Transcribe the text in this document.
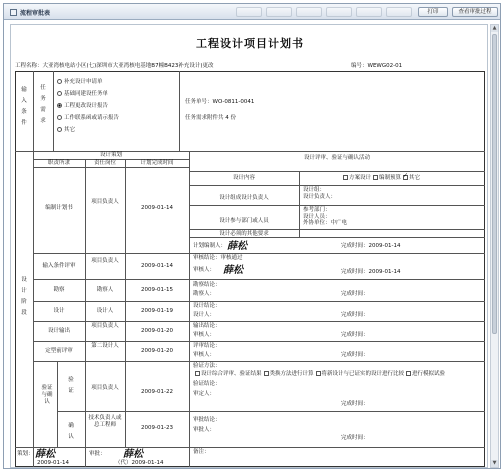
流程审批表	打印	查看审批过程
工程设计项目计划书
工程名称：大亚湾核电站小区(七)深圳市大亚湾核电基地B7幢B423补充设计)更改	编号：WEWG02-01
输入条件
任务需求
补充设计申请单
基础同建设任务单
工程更改设计报告
工作联系函或请示报告
其它
任务单号：WO-0811-0041
任务需求附件共 4 份
设计策划	设计评审、验证与确认活动
职责所隶	责任岗位	计划完成时间
设计阶段
编制计划书
项目负责人
2009-01-14
设计内容	方案设计 编制预算✓ 其它
设计组成设计负责人
设计组：
设计负责人：
设计参与部门或人员
参考部门：
设计人员：
外协单位：中广电
设计必须的其他要求
计划编制人： 薛松	完成时间：2009-01-14
输入条件评审
项目负责人
2009-01-14
审核结论：审核通过
审核人： 薛松	完成时间：2009-01-14
勘察	勘察人	2009-01-15
勘察结论：
勘察人：	完成时间：
设计	设计人	2009-01-19
设计结论：
设计人：	完成时间：
设计输出
项目负责人
2009-01-20
输出结论：
审核人：	完成时间：
定型前评审
第二设计人
2009-01-20
评审结论：
审核人：	完成时间：
验证与确认
验证
确认
项目负责人
2009-01-22
验证方法：
设计综合评审、验证结果 类换方法进行计算 将新设计与已证实的设计进行比较 进行模拟试验
验证结论：
审定人：
完成时间：
技术负责人或总工程师
2009-01-23
审批结论：
审批人：
完成时间：
策划： 薛松
2009-01-14
审批： 薛松
（代）2009-01-14
备注：
▲
▼
